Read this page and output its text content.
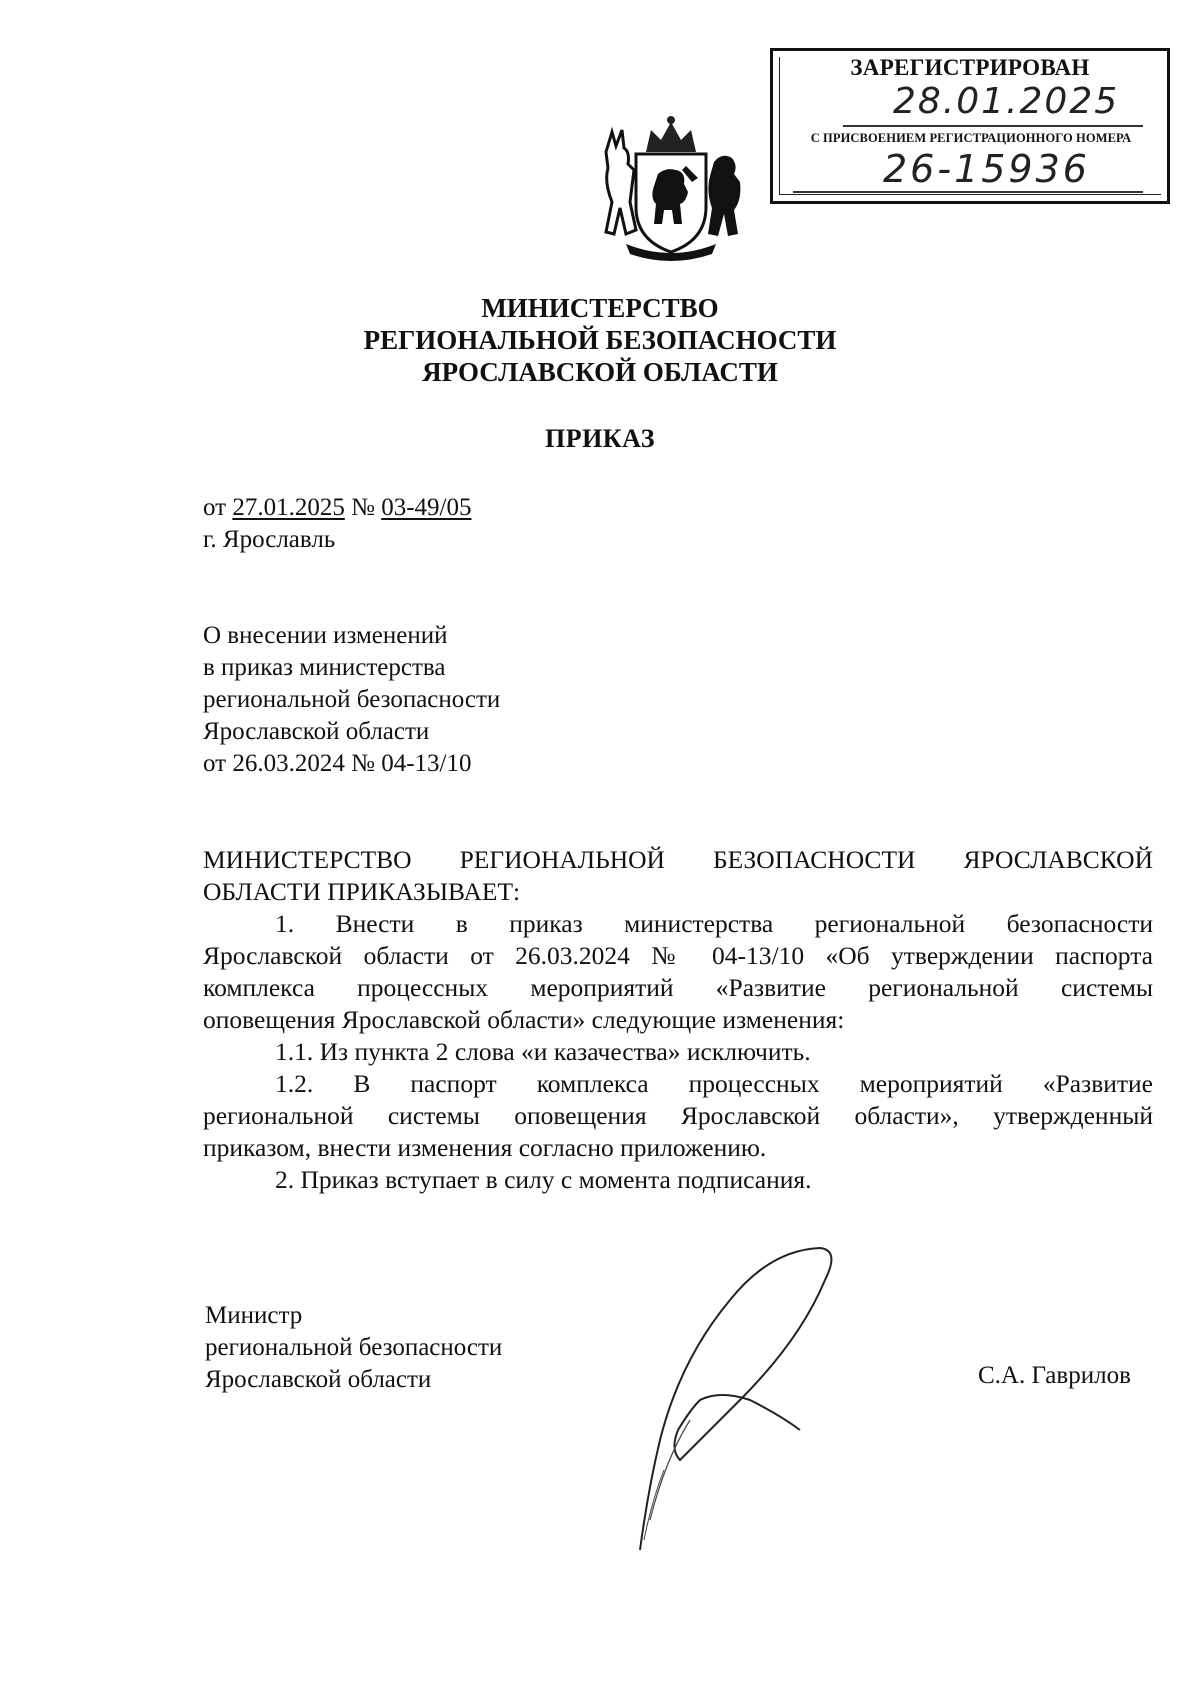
ЗАРЕГИСТРИРОВАН
28.01.2025
С ПРИСВОЕНИЕМ РЕГИСТРАЦИОННОГО НОМЕРА
26-15936
МИНИСТЕРСТВО
РЕГИОНАЛЬНОЙ БЕЗОПАСНОСТИ
ЯРОСЛАВСКОЙ ОБЛАСТИ
ПРИКАЗ
от 27.01.2025 № 03-49/05
г. Ярославль
О внесении изменений
в приказ министерства
региональной безопасности
Ярославской области
от 26.03.2024 № 04-13/10
МИНИСТЕРСТВО РЕГИОНАЛЬНОЙ БЕЗОПАСНОСТИ ЯРОСЛАВСКОЙ
ОБЛАСТИ ПРИКАЗЫВАЕТ:
1. Внести в приказ министерства региональной безопасности
Ярославской области от 26.03.2024 № 04-13/10 «Об утверждении паспорта
комплекса процессных мероприятий «Развитие региональной системы
оповещения Ярославской области» следующие изменения:
1.1. Из пункта 2 слова «и казачества» исключить.
1.2. В паспорт комплекса процессных мероприятий «Развитие
региональной системы оповещения Ярославской области», утвержденный
приказом, внести изменения согласно приложению.
2. Приказ вступает в силу с момента подписания.
Министр
региональной безопасности
Ярославской области	С.А. Гаврилов
